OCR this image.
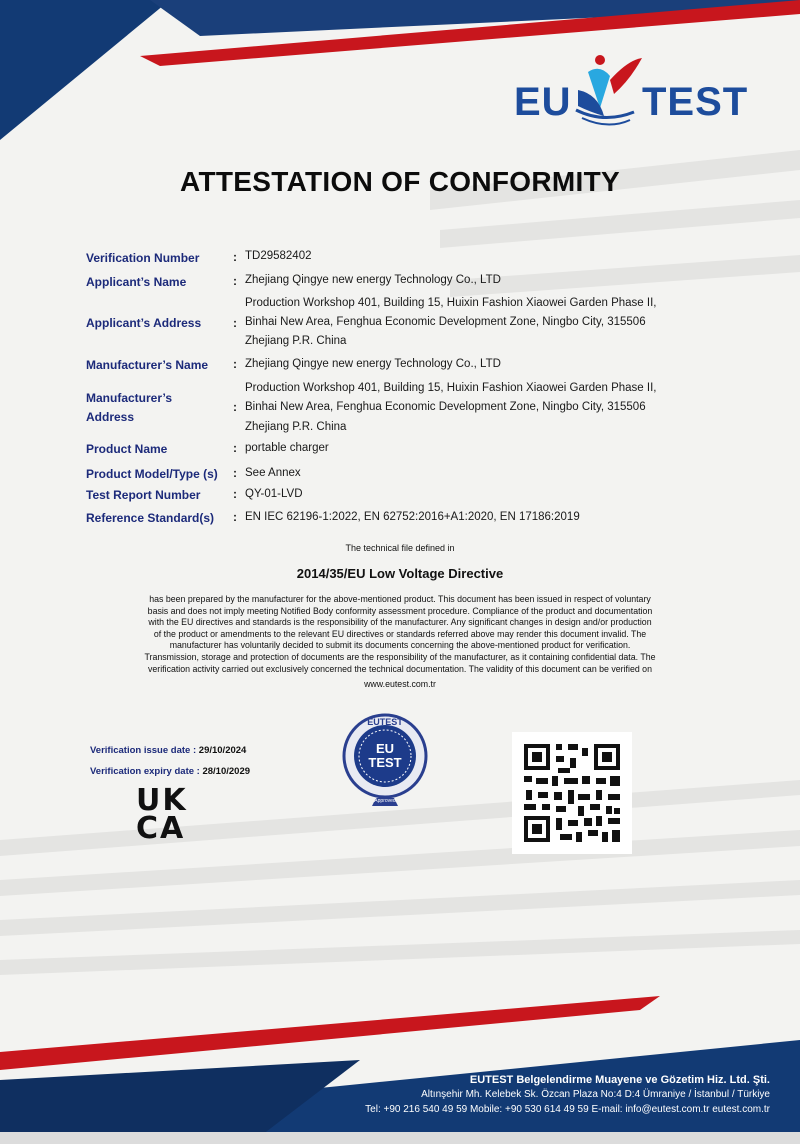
EU TEST
ATTESTATION OF CONFORMITY
Verification Number	: TD29582402
Applicant’s Name	: Zhejiang Qingye new energy Technology Co., LTD
Applicant’s Address	:
Production Workshop 401, Building 15, Huixin Fashion Xiaowei Garden Phase II,
Binhai New Area, Fenghua Economic Development Zone, Ningbo City, 315506
Zhejiang P.R. China
Manufacturer’s Name : Zhejiang Qingye new energy Technology Co., LTD
Manufacturer’s
Address
:
Production Workshop 401, Building 15, Huixin Fashion Xiaowei Garden Phase II,
Binhai New Area, Fenghua Economic Development Zone, Ningbo City, 315506
Zhejiang P.R. China
Product Name	: portable charger
Product Model/Type (s) : See Annex
Test Report Number	: QY-01-LVD
Reference Standard(s) : EN IEC 62196-1:2022, EN 62752:2016+A1:2020, EN 17186:2019
The technical file defined in
2014/35/EU Low Voltage Directive
has been prepared by the manufacturer for the above-mentioned product. This document has been issued in respect of voluntary
basis and does not imply meeting Notified Body conformity assessment procedure. Compliance of the product and documentation
with the EU directives and standards is the responsibility of the manufacturer. Any significant changes in design and/or production
of the product or amendments to the relevant EU directives or standards referred above may render this document invalid. The
manufacturer has voluntarily decided to submit its documents concerning the above-mentioned product for verification.
Transmission, storage and protection of documents are the responsibility of the manufacturer, as it containing confidential data. The
verification activity carried out exclusively concerned the technical documentation. The validity of this document can be verified on
www.eutest.com.tr
Verification issue date : 29/10/2024
Verification expiry date : 28/10/2029
UK
CA
EUTEST
EU
TEST
Approved
EUTEST Belgelendirme Muayene ve Gözetim Hiz. Ltd. Şti.
Altınşehir Mh. Kelebek Sk. Özcan Plaza No:4 D:4 Ümraniye / İstanbul / Türkiye
Tel: +90 216 540 49 59 Mobile: +90 530 614 49 59 E-mail: info@eutest.com.tr eutest.com.tr
